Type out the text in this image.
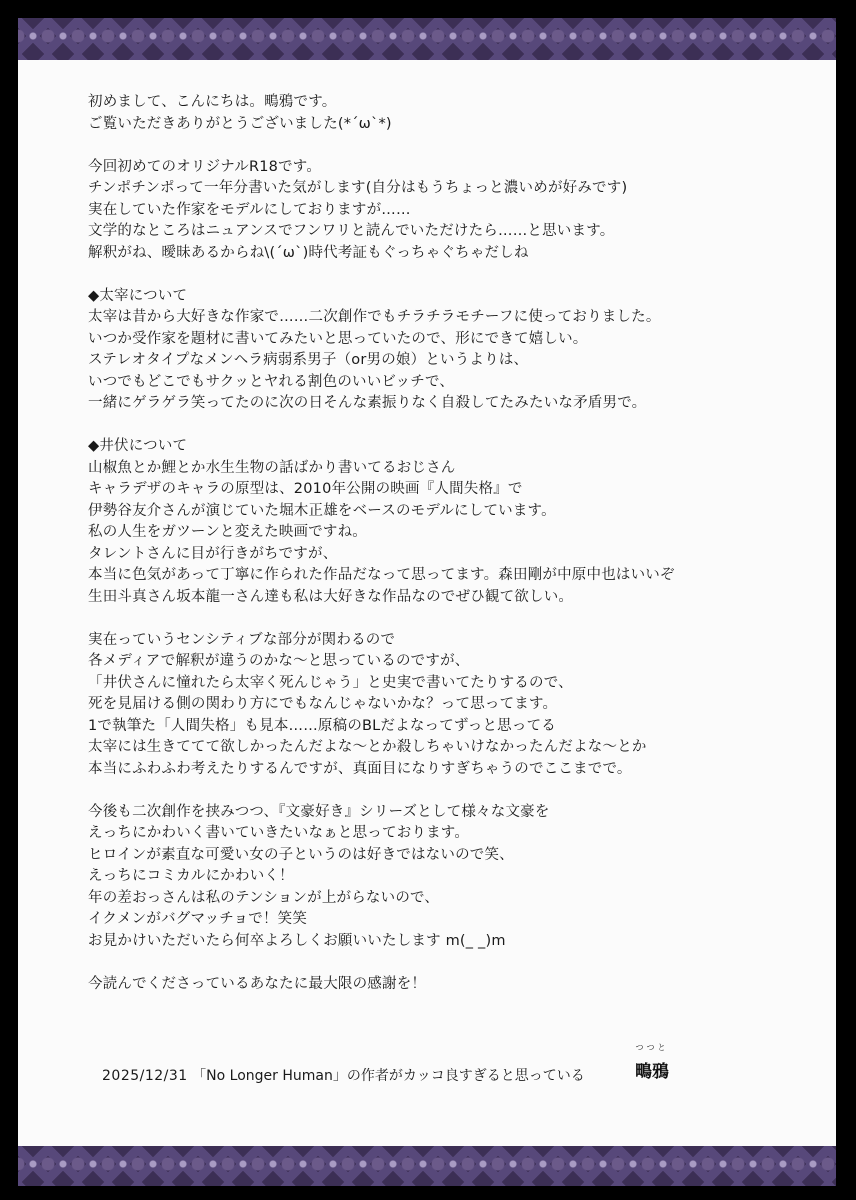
初めまして、こんにちは。鴫鴉です。

ご覧いただきありがとうございました(*´ω`*)

今回初めてのオリジナルR18です。

チンポチンポって一年分書いた気がします(自分はもうちょっと濃いめが好みです)

実在していた作家をモデルにしておりますが……

文学的なところはニュアンスでフンワリと読んでいただけたら……と思います。

解釈がね、曖昧あるからね\(´ω`)時代考証もぐっちゃぐちゃだしね

◆太宰について

太宰は昔から大好きな作家で……二次創作でもチラチラモチーフに使っておりました。

いつか受作家を題材に書いてみたいと思っていたので、形にできて嬉しい。

ステレオタイプなメンヘラ病弱系男子（or男の娘）というよりは、

いつでもどこでもサクッとヤれる割色のいいビッチで、

一緒にゲラゲラ笑ってたのに次の日そんな素振りなく自殺してたみたいな矛盾男で。

◆井伏について

山椒魚とか鯉とか水生生物の話ばかり書いてるおじさん

キャラデザのキャラの原型は、2010年公開の映画『人間失格』で

伊勢谷友介さんが演じていた堀木正雄をベースのモデルにしています。

私の人生をガツーンと変えた映画ですね。

タレントさんに目が行きがちですが、

本当に色気があって丁寧に作られた作品だなって思ってます。森田剛が中原中也はいいぞ

生田斗真さん坂本龍一さん達も私は大好きな作品なのでぜひ観て欲しい。

実在っていうセンシティブな部分が関わるので

各メディアで解釈が違うのかな〜と思っているのですが、

「井伏さんに憧れたら太宰く死んじゃう」と史実で書いてたりするので、

死を見届ける側の関わり方にでもなんじゃないかな？って思ってます。

1で執筆た「人間失格」も見本……原稿のBLだよなってずっと思ってる

太宰には生きててて欲しかったんだよな〜とか殺しちゃいけなかったんだよな〜とか

本当にふわふわ考えたりするんですが、真面目になりすぎちゃうのでここまでで。

今後も二次創作を挟みつつ、『文豪好き』シリーズとして様々な文豪を

えっちにかわいく書いていきたいなぁと思っております。

ヒロインが素直な可愛い女の子というのは好きではないので笑、

えっちにコミカルにかわいく！

年の差おっさんは私のテンションが上がらないので、

イクメンがバグマッチョで！笑笑

お見かけいただいたら何卒よろしくお願いいたします m(_ _)m

今読んでくださっているあなたに最大限の感謝を！

2025/12/31 「No Longer Human」の作者がカッコ良すぎると思っている
つつと
鴫鴉
